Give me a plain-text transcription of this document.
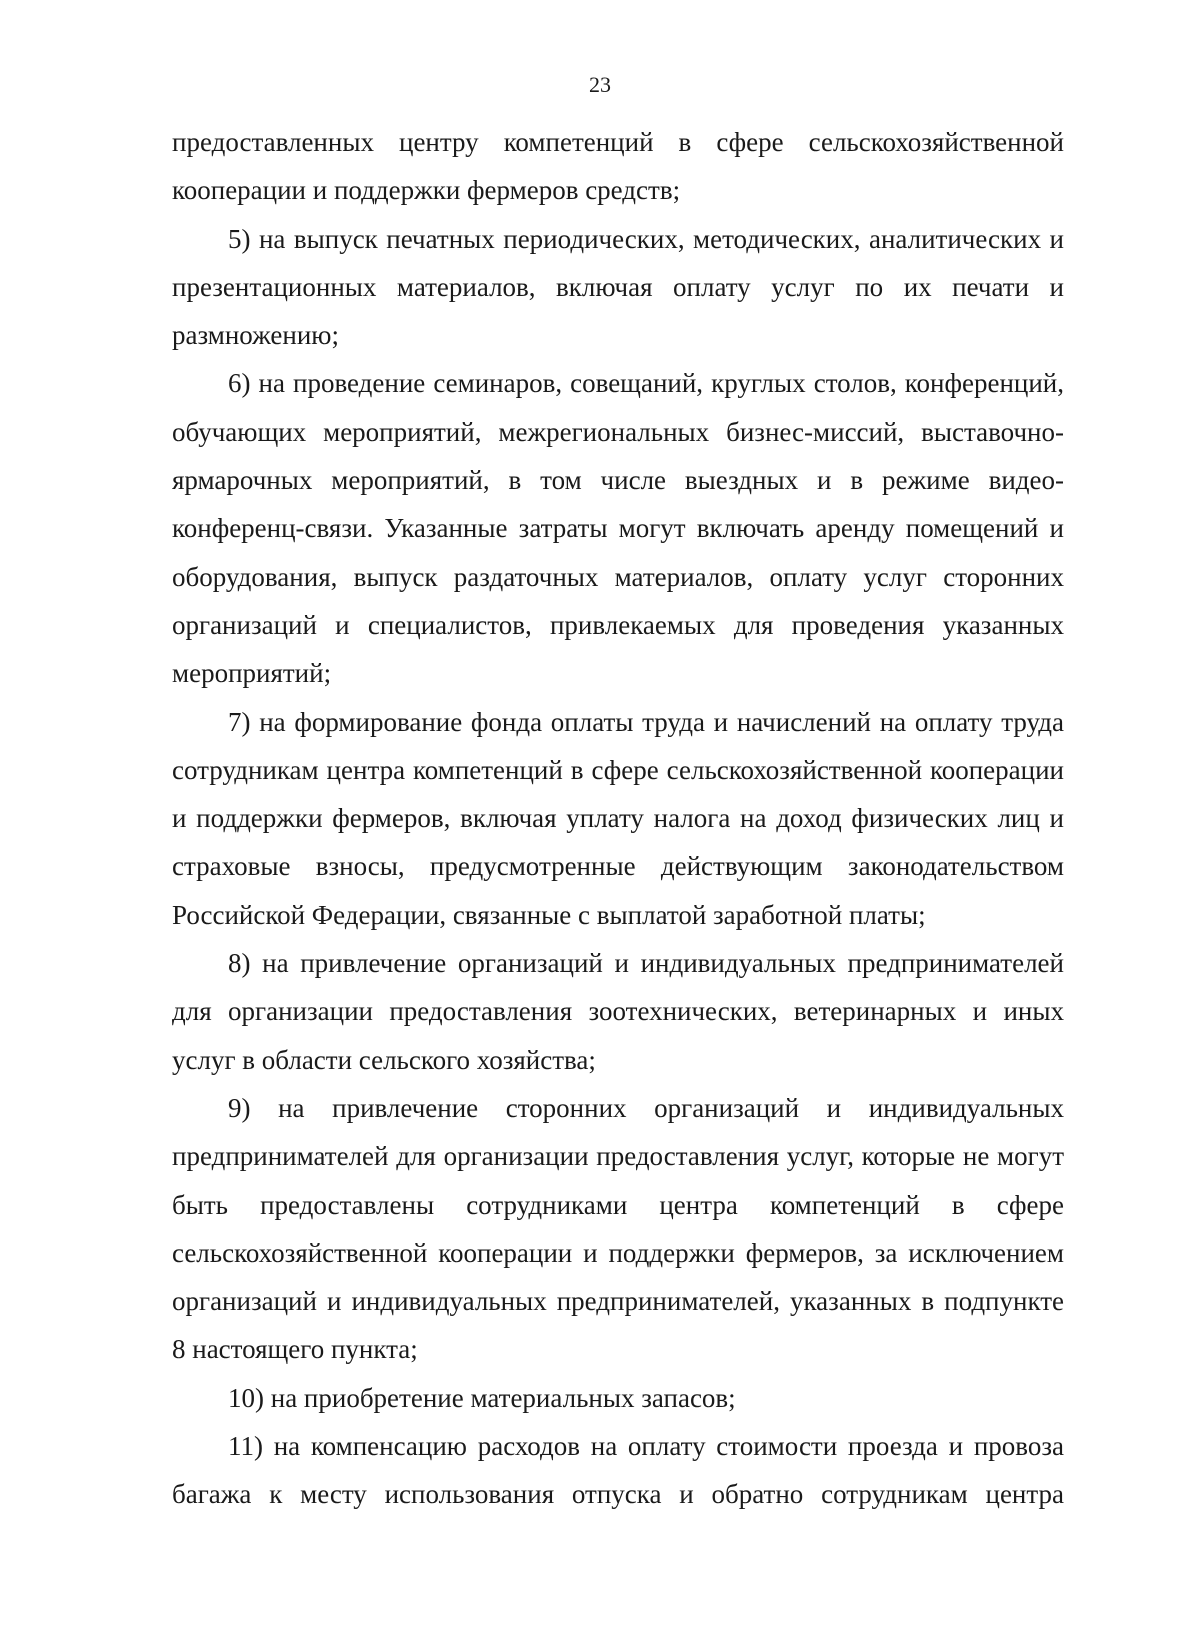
23

предоставленных центру компетенций в сфере сельскохозяйственной кооперации и поддержки фермеров средств;

5) на выпуск печатных периодических, методических, аналитических и презентационных материалов, включая оплату услуг по их печати и размножению;

6) на проведение семинаров, совещаний, круглых столов, конференций, обучающих мероприятий, межрегиональных бизнес-миссий, выставочно-ярмарочных мероприятий, в том числе выездных и в режиме видео-конференц-связи. Указанные затраты могут включать аренду помещений и оборудования, выпуск раздаточных материалов, оплату услуг сторонних организаций и специалистов, привлекаемых для проведения указанных мероприятий;

7) на формирование фонда оплаты труда и начислений на оплату труда сотрудникам центра компетенций в сфере сельскохозяйственной кооперации и поддержки фермеров, включая уплату налога на доход физических лиц и страховые взносы, предусмотренные действующим законодательством Российской Федерации, связанные с выплатой заработной платы;

8) на привлечение организаций и индивидуальных предпринимателей для организации предоставления зоотехнических, ветеринарных и иных услуг в области сельского хозяйства;

9) на привлечение сторонних организаций и индивидуальных предпринимателей для организации предоставления услуг, которые не могут быть предоставлены сотрудниками центра компетенций в сфере сельскохозяйственной кооперации и поддержки фермеров, за исключением организаций и индивидуальных предпринимателей, указанных в подпункте 8 настоящего пункта;

10) на приобретение материальных запасов;

11) на компенсацию расходов на оплату стоимости проезда и провоза багажа к месту использования отпуска и обратно сотрудникам центра
